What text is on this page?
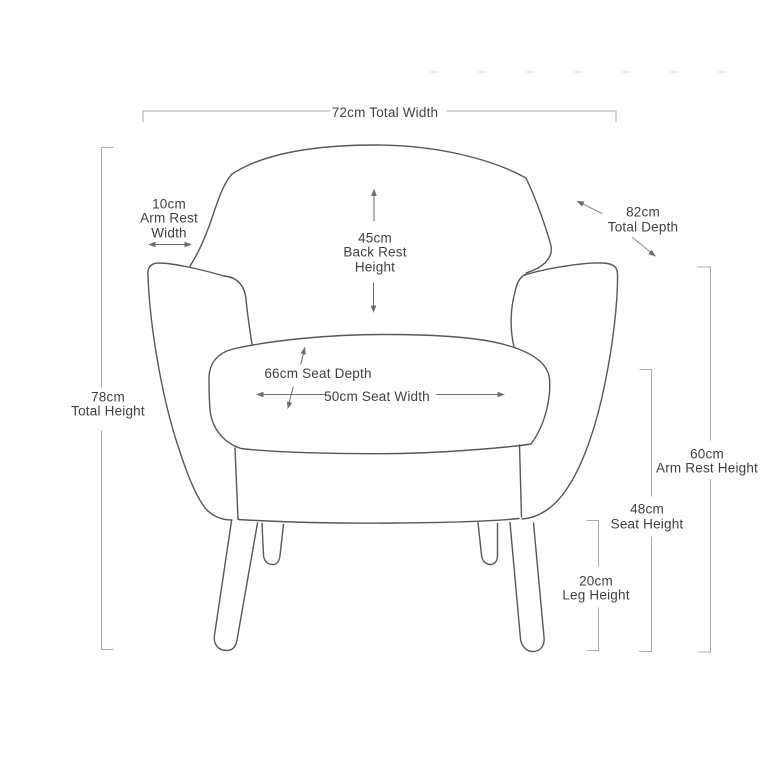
72cm Total Width
10cm
Arm Rest
Width	45cm
Back Rest
Height
82cm
Total Depth
78cm
Total Height
66cm Seat Depth
50cm Seat Width
60cm
Arm Rest Height
48cm
Seat Height
20cm
Leg Height
